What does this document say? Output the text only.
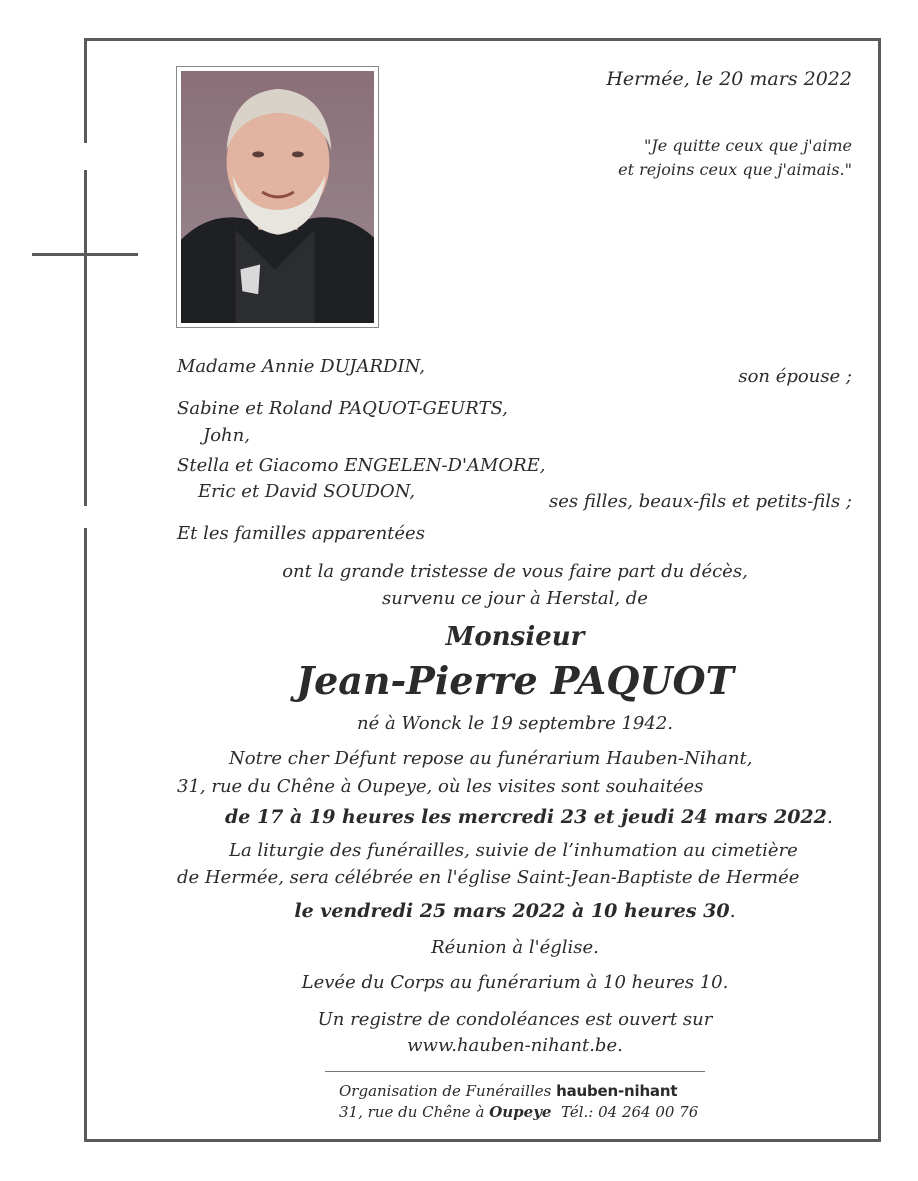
Hermée, le 20 mars 2022
"Je quitte ceux que j'aime
et rejoins ceux que j'aimais."
Madame Annie DUJARDIN,	son épouse ;
Sabine et Roland PAQUOT-GEURTS,
John,
Stella et Giacomo ENGELEN-D'AMORE,
Eric et David SOUDON,	ses filles, beaux-fils et petits-fils ;
Et les familles apparentées
ont la grande tristesse de vous faire part du décès,
survenu ce jour à Herstal, de
Monsieur
Jean-Pierre PAQUOT
né à Wonck le 19 septembre 1942.
Notre cher Défunt repose au funérarium Hauben-Nihant,
31, rue du Chêne à Oupeye, où les visites sont souhaitées
de 17 à 19 heures les mercredi 23 et jeudi 24 mars 2022.
La liturgie des funérailles, suivie de l’inhumation au cimetière
de Hermée, sera célébrée en l'église Saint-Jean-Baptiste de Hermée
le vendredi 25 mars 2022 à 10 heures 30.
Réunion à l'église.
Levée du Corps au funérarium à 10 heures 10.
Un registre de condoléances est ouvert sur
www.hauben-nihant.be.
Organisation de Funérailles hauben-nihant
31, rue du Chêne à Oupeye Tél.: 04 264 00 76
